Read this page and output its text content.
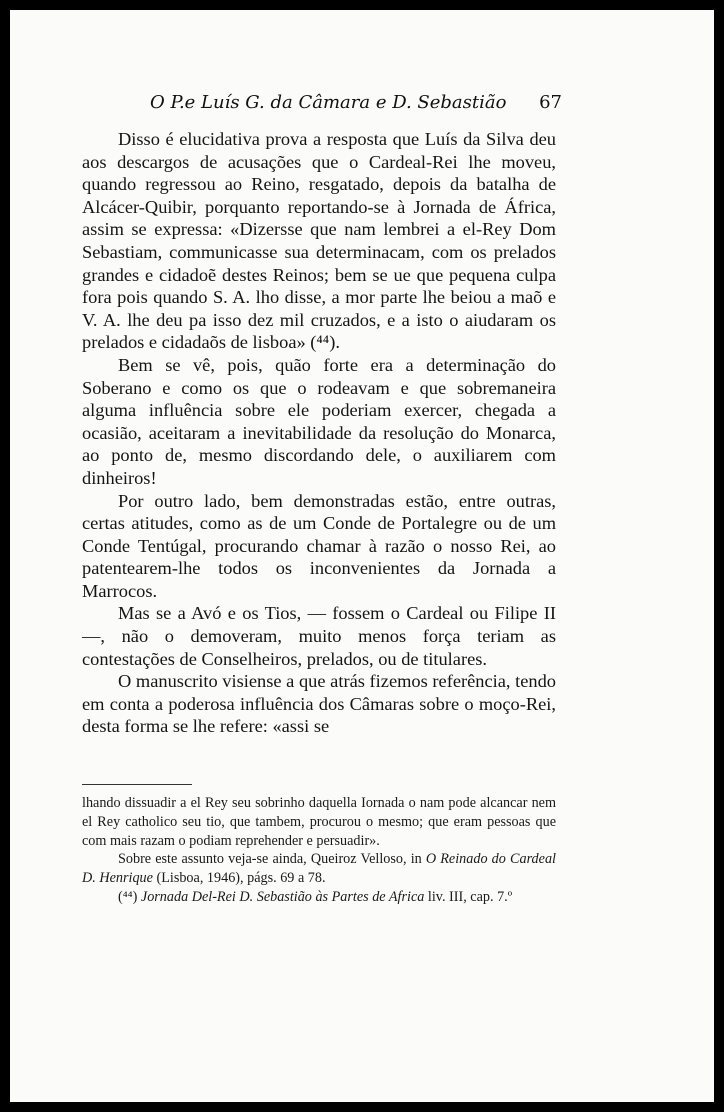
O P.e Luís G. da Câmara e D. Sebastião 67

Disso é elucidativa prova a resposta que Luís da Silva deu aos descargos de acusações que o Cardeal-Rei lhe moveu, quando regressou ao Reino, resgatado, depois da batalha de Alcácer-Quibir, porquanto reportando-se à Jornada de África, assim se expressa: «Dizersse que nam lembrei a el-Rey Dom Sebastiam, communicasse sua determinacam, com os prelados grandes e cidadoẽ destes Reinos; bem se ue que pequena culpa fora pois quando S. A. lho disse, a mor parte lhe beiou a maõ e V. A. lhe deu pa isso dez mil cruzados, e a isto o aiudaram os prelados e cidadaõs de lisboa» (⁴⁴).

Bem se vê, pois, quão forte era a determinação do Soberano e como os que o rodeavam e que sobremaneira alguma influência sobre ele poderiam exercer, chegada a ocasião, aceitaram a inevitabilidade da resolução do Monarca, ao ponto de, mesmo discordando dele, o auxiliarem com dinheiros!

Por outro lado, bem demonstradas estão, entre outras, certas atitudes, como as de um Conde de Portalegre ou de um Conde Tentúgal, procurando chamar à razão o nosso Rei, ao patentearem-lhe todos os inconvenientes da Jornada a Marrocos.

Mas se a Avó e os Tios, — fossem o Cardeal ou Filipe II —, não o demoveram, muito menos força teriam as contestações de Conselheiros, prelados, ou de titulares.

O manuscrito visiense a que atrás fizemos referência, tendo em conta a poderosa influência dos Câmaras sobre o moço-Rei, desta forma se lhe refere: «assi se

lhando dissuadir a el Rey seu sobrinho daquella Iornada o nam pode alcancar nem el Rey catholico seu tio, que tambem, procurou o mesmo; que eram pessoas que com mais razam o podiam reprehender e persuadir».

Sobre este assunto veja-se ainda, Queiroz Velloso, in O Reinado do Cardeal D. Henrique (Lisboa, 1946), págs. 69 a 78.

(⁴⁴) Jornada Del-Rei D. Sebastião às Partes de Africa liv. III, cap. 7.º
